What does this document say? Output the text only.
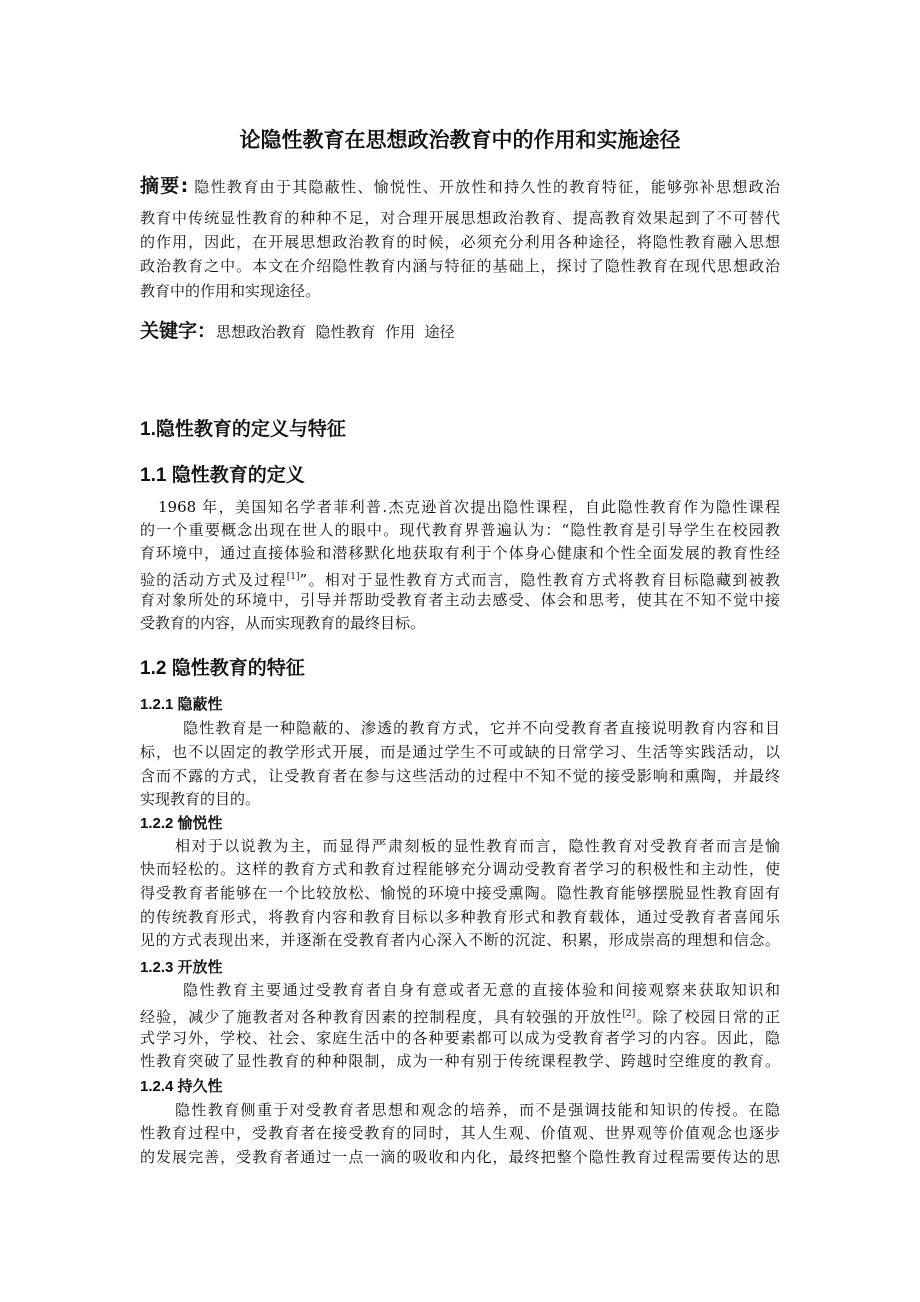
论隐性教育在思想政治教育中的作用和实施途径
摘要: 隐性教育由于其隐蔽性、愉悦性、开放性和持久性的教育特征，能够弥补思想政治
教育中传统显性教育的种种不足，对合理开展思想政治教育、提高教育效果起到了不可替代
的作用，因此，在开展思想政治教育的时候，必须充分利用各种途径，将隐性教育融入思想
政治教育之中。本文在介绍隐性教育内涵与特征的基础上，探讨了隐性教育在现代思想政治
教育中的作用和实现途径。
关键字：思想政治教育  隐性教育  作用  途径
1.隐性教育的定义与特征
1.1 隐性教育的定义
1968 年，美国知名学者菲利普.杰克逊首次提出隐性课程，自此隐性教育作为隐性课程
的一个重要概念出现在世人的眼中。现代教育界普遍认为：“隐性教育是引导学生在校园教
育环境中，通过直接体验和潜移默化地获取有利于个体身心健康和个性全面发展的教育性经
验的活动方式及过程[1]”。相对于显性教育方式而言，隐性教育方式将教育目标隐藏到被教
育对象所处的环境中，引导并帮助受教育者主动去感受、体会和思考，使其在不知不觉中接
受教育的内容，从而实现教育的最终目标。
1.2 隐性教育的特征
1.2.1 隐蔽性
隐性教育是一种隐蔽的、渗透的教育方式，它并不向受教育者直接说明教育内容和目
标，也不以固定的教学形式开展，而是通过学生不可或缺的日常学习、生活等实践活动，以
含而不露的方式，让受教育者在参与这些活动的过程中不知不觉的接受影响和熏陶，并最终
实现教育的目的。
1.2.2 愉悦性
相对于以说教为主，而显得严肃刻板的显性教育而言，隐性教育对受教育者而言是愉
快而轻松的。这样的教育方式和教育过程能够充分调动受教育者学习的积极性和主动性，使
得受教育者能够在一个比较放松、愉悦的环境中接受熏陶。隐性教育能够摆脱显性教育固有
的传统教育形式，将教育内容和教育目标以多种教育形式和教育载体，通过受教育者喜闻乐
见的方式表现出来，并逐渐在受教育者内心深入不断的沉淀、积累，形成崇高的理想和信念。
1.2.3 开放性
隐性教育主要通过受教育者自身有意或者无意的直接体验和间接观察来获取知识和
经验，减少了施教者对各种教育因素的控制程度，具有较强的开放性[2]。除了校园日常的正
式学习外，学校、社会、家庭生活中的各种要素都可以成为受教育者学习的内容。因此，隐
性教育突破了显性教育的种种限制，成为一种有别于传统课程教学、跨越时空维度的教育。
1.2.4 持久性
隐性教育侧重于对受教育者思想和观念的培养，而不是强调技能和知识的传授。在隐
性教育过程中，受教育者在接受教育的同时，其人生观、价值观、世界观等价值观念也逐步
的发展完善，受教育者通过一点一滴的吸收和内化，最终把整个隐性教育过程需要传达的思
